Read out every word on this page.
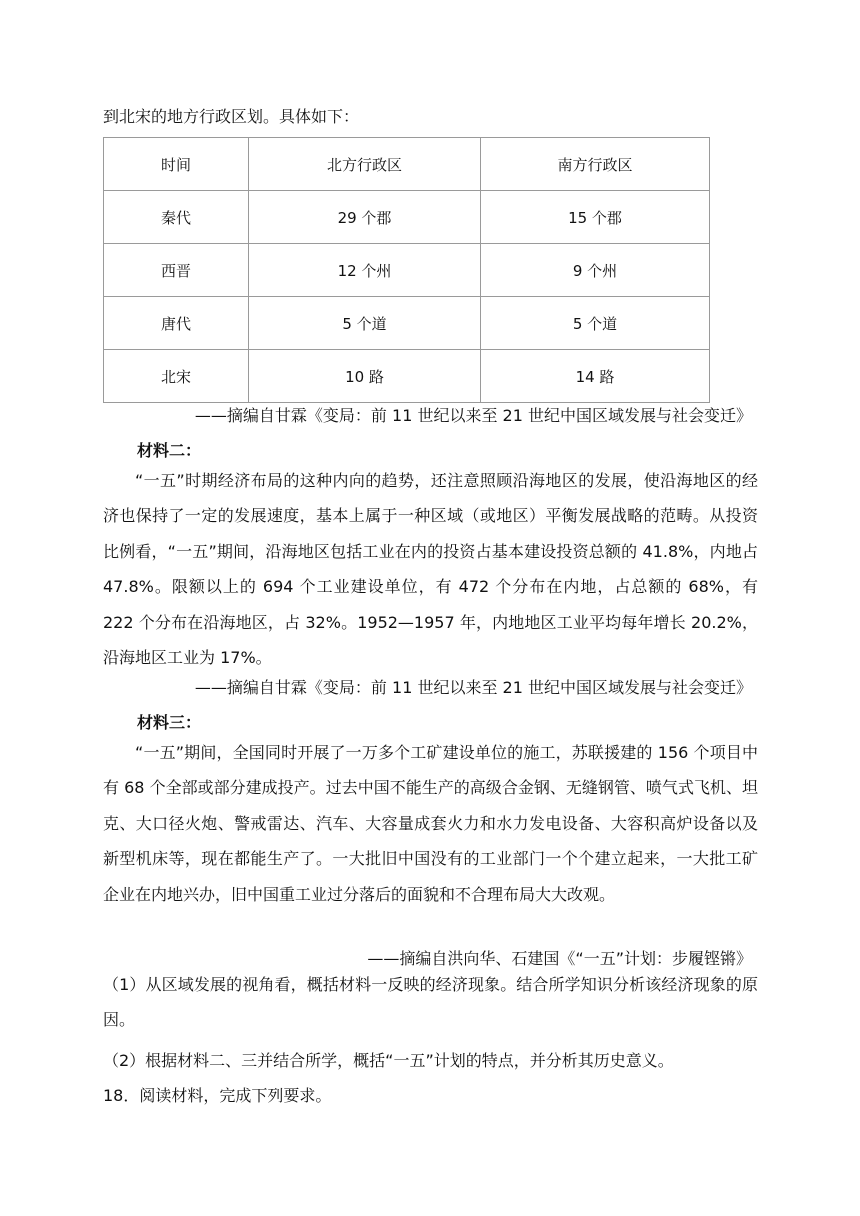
到北宋的地方行政区划。具体如下：
时间	北方行政区	南方行政区
秦代	29 个郡	15 个郡
西晋	12 个州	9 个州
唐代	5 个道	5 个道
北宋	10 路	14 路
——摘编自甘霖《变局：前 11 世纪以来至 21 世纪中国区域发展与社会变迁》
材料二：
“一五”时期经济布局的这种内向的趋势，还注意照顾沿海地区的发展，使沿海地区的经济也保持了一定的发展速度，基本上属于一种区域（或地区）平衡发展战略的范畴。从投资比例看，“一五”期间，沿海地区包括工业在内的投资占基本建设投资总额的 41.8%，内地占 47.8%。限额以上的 694 个工业建设单位，有 472 个分布在内地，占总额的 68%，有 222 个分布在沿海地区，占 32%。1952—1957 年，内地地区工业平均每年增长 20.2%，沿海地区工业为 17%。
——摘编自甘霖《变局：前 11 世纪以来至 21 世纪中国区域发展与社会变迁》
材料三：
“一五”期间，全国同时开展了一万多个工矿建设单位的施工，苏联援建的 156 个项目中有 68 个全部或部分建成投产。过去中国不能生产的高级合金钢、无缝钢管、喷气式飞机、坦克、大口径火炮、警戒雷达、汽车、大容量成套火力和水力发电设备、大容积高炉设备以及新型机床等，现在都能生产了。一大批旧中国没有的工业部门一个个建立起来，一大批工矿企业在内地兴办，旧中国重工业过分落后的面貌和不合理布局大大改观。
——摘编自洪向华、石建国《“一五”计划：步履铿锵》
（1）从区域发展的视角看，概括材料一反映的经济现象。结合所学知识分析该经济现象的原因。
（2）根据材料二、三并结合所学，概括“一五”计划的特点，并分析其历史意义。
18．阅读材料，完成下列要求。
